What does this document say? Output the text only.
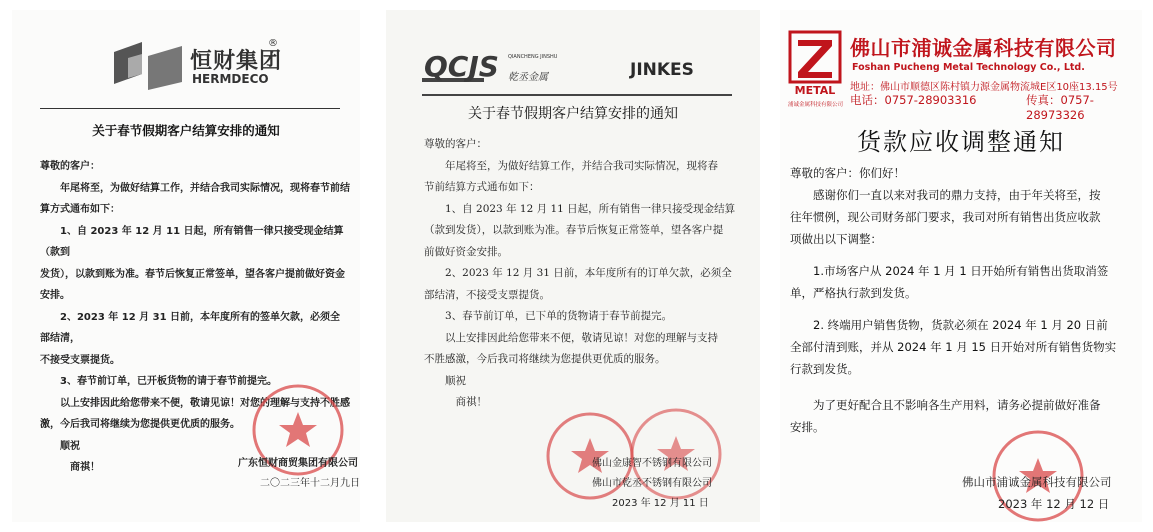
恒财集团
®
HERMDECO
关于春节假期客户结算安排的通知
尊敬的客户：
　　年尾将至，为做好结算工作，并结合我司实际情况，现将春节前结
算方式通布如下：
　　1、自 2023 年 12 月 11 日起，所有销售一律只接受现金结算（款到
发货），以款到账为准。春节后恢复正常签单，望各客户提前做好资金
安排。
　　2、2023 年 12 月 31 日前，本年度所有的签单欠款，必须全部结清，
不接受支票提货。
　　3、春节前订单，已开板货物的请于春节前提完。
　　以上安排因此给您带来不便，敬请见谅！对您的理解与支持不胜感
激，今后我司将继续为您提供更优质的服务。
　　顺祝
　　　商祺！	广东恒财商贸集团有限公司
二〇二三年十二月九日
QCJS QIANCHENG JINSHU
乾丞金属	JINKES
关于春节假期客户结算安排的通知
尊敬的客户：
　　年尾将至，为做好结算工作，并结合我司实际情况，现将春
节前结算方式通布如下：
　　1、自 2023 年 12 月 11 日起，所有销售一律只接受现金结算
（款到发货），以款到账为准。春节后恢复正常签单，望各客户提
前做好资金安排。
　　2、2023 年 12 月 31 日前，本年度所有的订单欠款，必须全
部结清，不接受支票提货。
　　3、春节前订单，已下单的货物请于春节前提完。
　　以上安排因此给您带来不便，敬请见谅！对您的理解与支持
不胜感激，今后我司将继续为您提供更优质的服务。
　　顺祝
　　　商祺！
佛山金康智不锈钢有限公司
佛山市乾丞不锈钢有限公司
2023 年 12 月 11 日
METAL
浦诚金属科技有限公司
佛山市浦诚金属科技有限公司
Foshan Pucheng Metal Technology Co., Ltd.
地址：佛山市顺德区陈村镇力源金属物流城E区10座13.15号
电话：0757-28903316	传真：0757-28973326
货款应收调整通知
尊敬的客户：你们好！
　　感谢你们一直以来对我司的鼎力支持，由于年关将至，按
往年惯例，现公司财务部门要求，我司对所有销售出货应收款
项做出以下调整：
　　1.市场客户从 2024 年 1 月 1 日开始所有销售出货取消签
单，严格执行款到发货。
　　2. 终端用户销售货物，货款必须在 2024 年 1 月 20 日前
全部付清到账，并从 2024 年 1 月 15 日开始对所有销售货物实
行款到发货。
　　为了更好配合且不影响各生产用料，请务必提前做好准备
安排。
佛山市浦诚金属科技有限公司
2023 年 12 月 12 日
